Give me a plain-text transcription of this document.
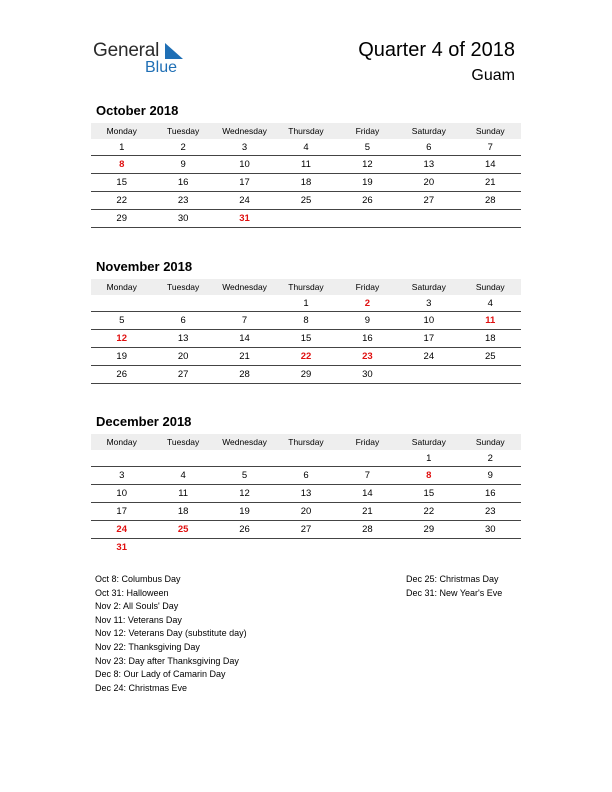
General
Blue
Quarter 4 of 2018
Guam
October 2018
Monday	Tuesday	Wednesday	Thursday	Friday	Saturday	Sunday
1	2	3	4	5	6	7
8	9	10	11	12	13	14
15	16	17	18	19	20	21
22	23	24	25	26	27	28
29	30	31				
November 2018
Monday	Tuesday	Wednesday	Thursday	Friday	Saturday	Sunday
			1	2	3	4
5	6	7	8	9	10	11
12	13	14	15	16	17	18
19	20	21	22	23	24	25
26	27	28	29	30		
December 2018
Monday	Tuesday	Wednesday	Thursday	Friday	Saturday	Sunday
					1	2
3	4	5	6	7	8	9
10	11	12	13	14	15	16
17	18	19	20	21	22	23
24	25	26	27	28	29	30
31						
Oct 8: Columbus Day
Oct 31: Halloween
Nov 2: All Souls' Day
Nov 11: Veterans Day
Nov 12: Veterans Day (substitute day)
Nov 22: Thanksgiving Day
Nov 23: Day after Thanksgiving Day
Dec 8: Our Lady of Camarin Day
Dec 24: Christmas Eve
Dec 25: Christmas Day
Dec 31: New Year's Eve
